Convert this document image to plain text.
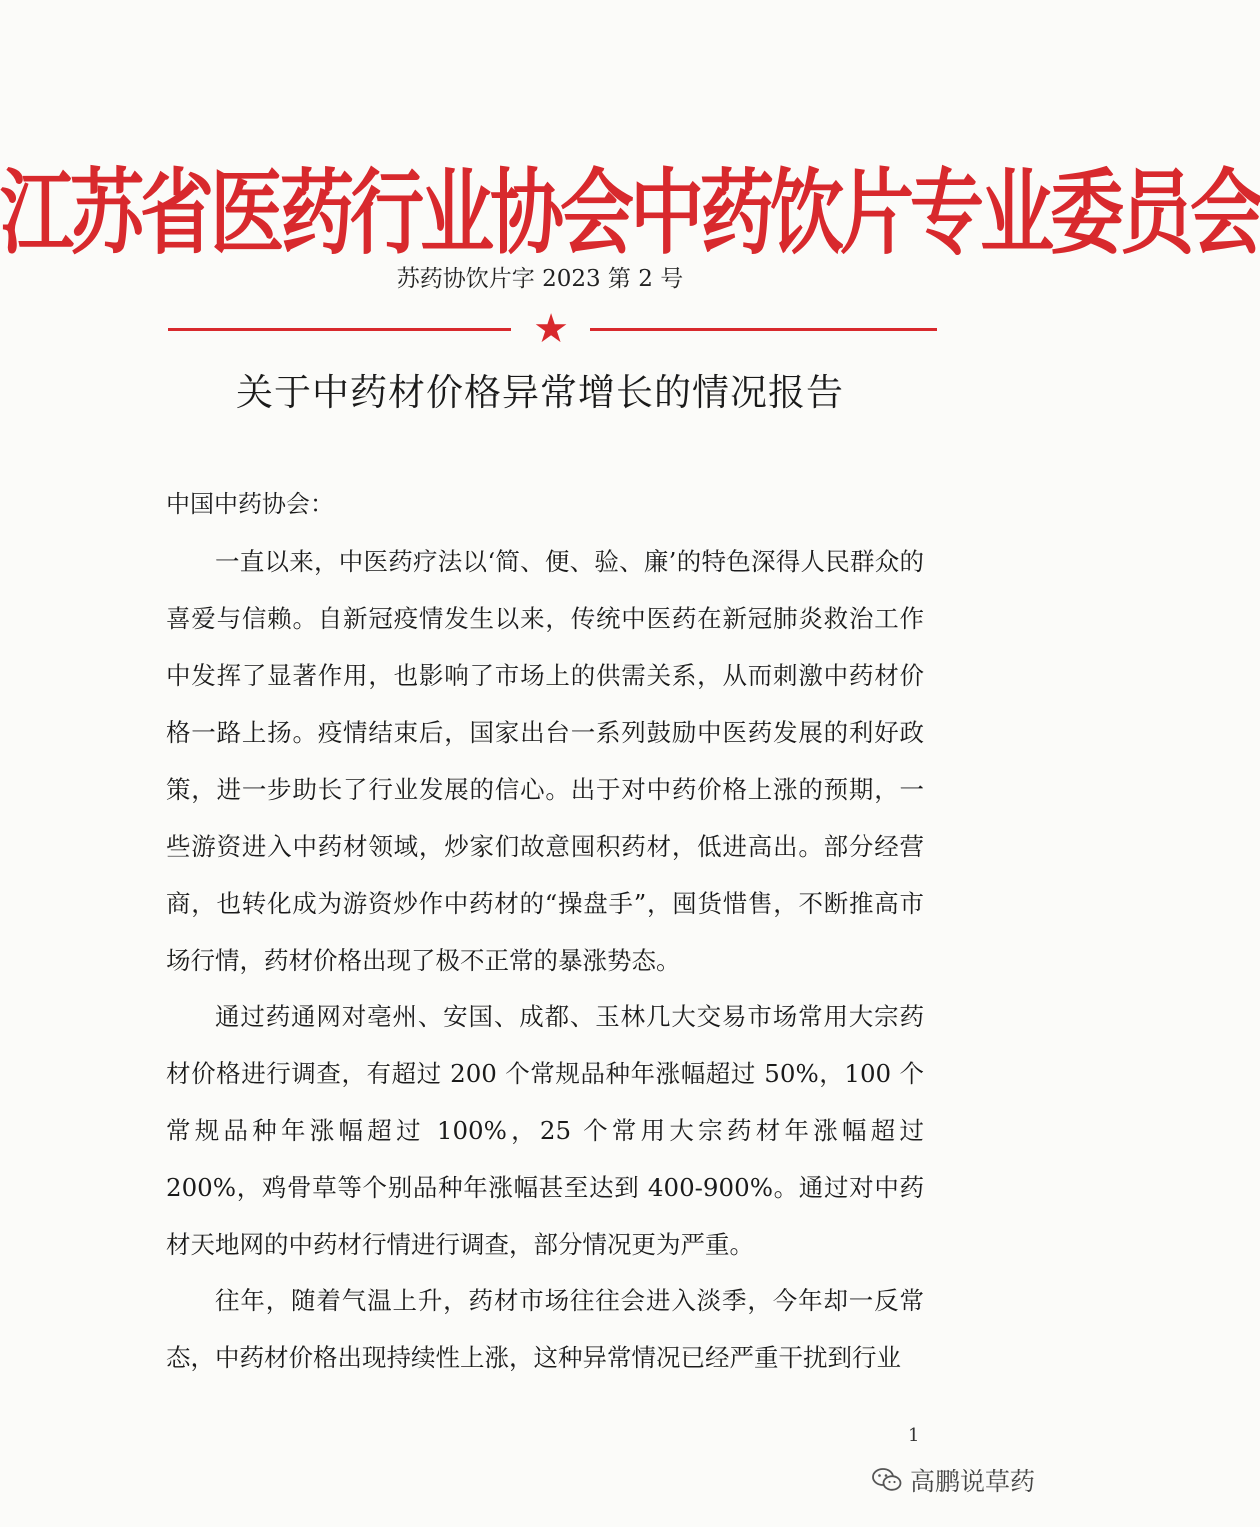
江苏省医药行业协会中药饮片专业委员会
苏药协饮片字 2023 第 2 号
★
关于中药材价格异常增长的情况报告
中国中药协会：

一直以来，中医药疗法以‘简、便、验、廉’的特色深得人民群众的喜爱与信赖。自新冠疫情发生以来，传统中医药在新冠肺炎救治工作中发挥了显著作用，也影响了市场上的供需关系，从而刺激中药材价格一路上扬。疫情结束后，国家出台一系列鼓励中医药发展的利好政策，进一步助长了行业发展的信心。出于对中药价格上涨的预期，一些游资进入中药材领域，炒家们故意囤积药材，低进高出。部分经营商，也转化成为游资炒作中药材的“操盘手”，囤货惜售，不断推高市场行情，药材价格出现了极不正常的暴涨势态。

通过药通网对亳州、安国、成都、玉林几大交易市场常用大宗药材价格进行调查，有超过 200 个常规品种年涨幅超过 50%，100 个常规品种年涨幅超过 100%，25 个常用大宗药材年涨幅超过 200%，鸡骨草等个别品种年涨幅甚至达到 400-900%。通过对中药材天地网的中药材行情进行调查，部分情况更为严重。

往年，随着气温上升，药材市场往往会进入淡季，今年却一反常态，中药材价格出现持续性上涨，这种异常情况已经严重干扰到行业

1
高鹏说草药
